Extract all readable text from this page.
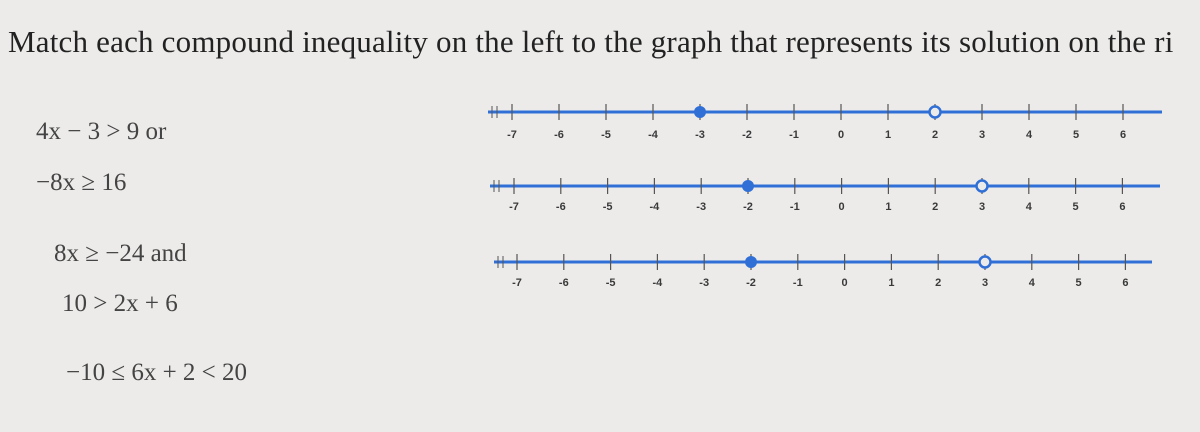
Match each compound inequality on the left to the graph that represents its solution on the ri
4x − 3 > 9 or
−8x ≥ 16
8x ≥ −24 and
10 > 2x + 6
−10 ≤ 6x + 2 < 20
-7	-6	-5	-4	-3	-2	-1	0	1	2	3	4	5	6
-7	-6	-5	-4	-3	-2	-1	0	1	2	3	4	5	6
-7	-6	-5	-4	-3	-2	-1	0	1	2	3	4	5	6
